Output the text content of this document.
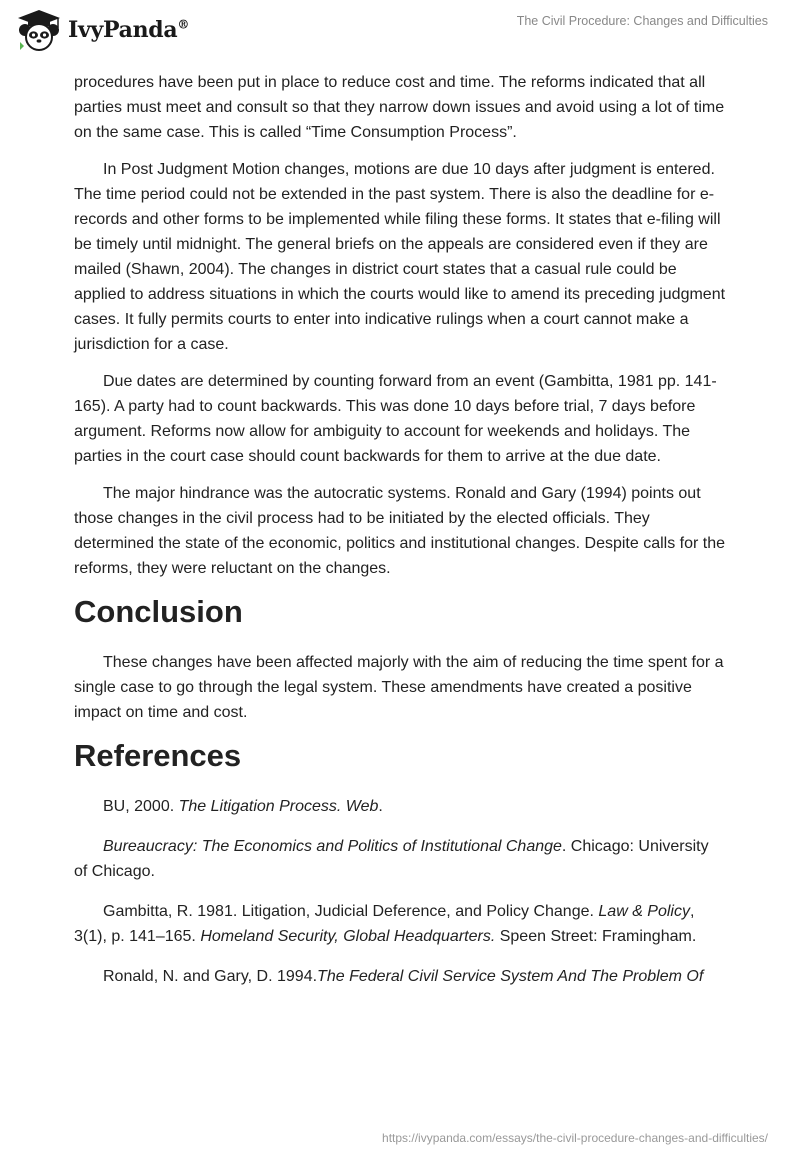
IvyPanda®	The Civil Procedure: Changes and Difficulties

procedures have been put in place to reduce cost and time. The reforms indicated that all parties must meet and consult so that they narrow down issues and avoid using a lot of time on the same case. This is called “Time Consumption Process”.

In Post Judgment Motion changes, motions are due 10 days after judgment is entered. The time period could not be extended in the past system. There is also the deadline for e-records and other forms to be implemented while filing these forms. It states that e-filing will be timely until midnight. The general briefs on the appeals are considered even if they are mailed (Shawn, 2004). The changes in district court states that a casual rule could be applied to address situations in which the courts would like to amend its preceding judgment cases. It fully permits courts to enter into indicative rulings when a court cannot make a jurisdiction for a case.

Due dates are determined by counting forward from an event (Gambitta, 1981 pp. 141-165). A party had to count backwards. This was done 10 days before trial, 7 days before argument. Reforms now allow for ambiguity to account for weekends and holidays. The parties in the court case should count backwards for them to arrive at the due date.

The major hindrance was the autocratic systems. Ronald and Gary (1994) points out those changes in the civil process had to be initiated by the elected officials. They determined the state of the economic, politics and institutional changes. Despite calls for the reforms, they were reluctant on the changes.

Conclusion

These changes have been affected majorly with the aim of reducing the time spent for a single case to go through the legal system. These amendments have created a positive impact on time and cost.

References

BU, 2000. The Litigation Process. Web.

Bureaucracy: The Economics and Politics of Institutional Change. Chicago: University of Chicago.

Gambitta, R. 1981. Litigation, Judicial Deference, and Policy Change. Law & Policy, 3(1), p. 141–165. Homeland Security, Global Headquarters. Speen Street: Framingham.

Ronald, N. and Gary, D. 1994.The Federal Civil Service System And The Problem Of

https://ivypanda.com/essays/the-civil-procedure-changes-and-difficulties/
